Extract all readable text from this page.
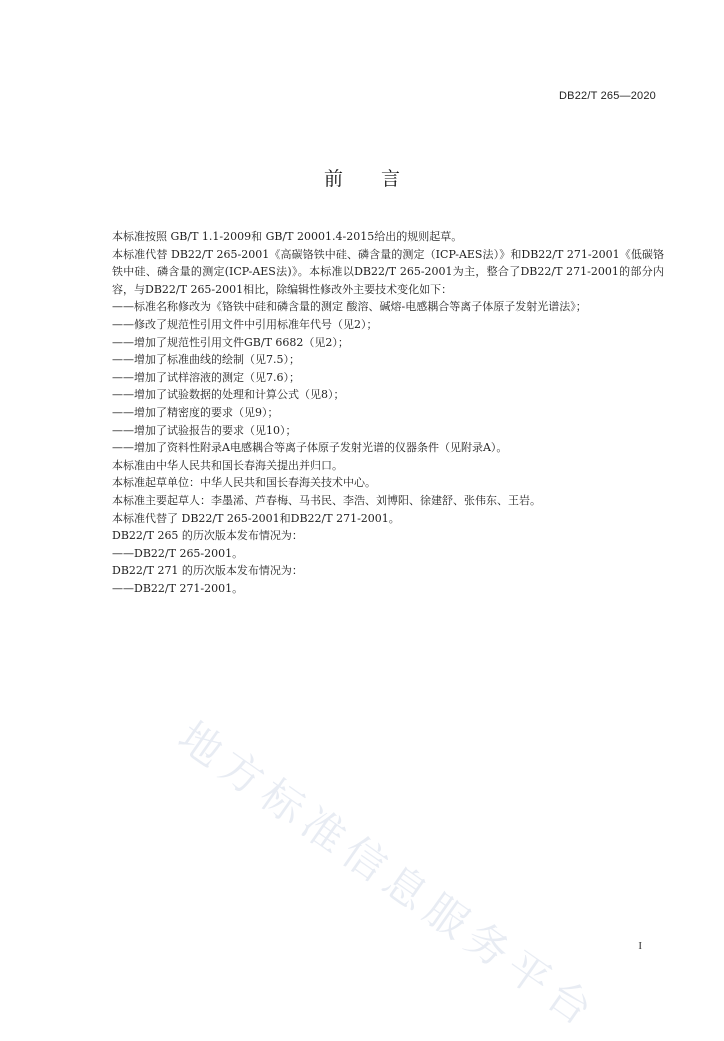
DB22/T 265—2020
前言

本标准按照 GB/T 1.1-2009和 GB/T 20001.4-2015给出的规则起草。

本标准代替 DB22/T 265-2001《高碳铬铁中硅、磷含量的测定（ICP-AES法）》和DB22/T 271-2001《低碳铬铁中硅、磷含量的测定(ICP-AES法)》。本标准以DB22/T 265-2001为主，整合了DB22/T 271-2001的部分内容，与DB22/T 265-2001相比，除编辑性修改外主要技术变化如下：

——标准名称修改为《铬铁中硅和磷含量的测定 酸溶、碱熔-电感耦合等离子体原子发射光谱法》；

——修改了规范性引用文件中引用标准年代号（见2）；

——增加了规范性引用文件GB/T 6682（见2）；

——增加了标准曲线的绘制（见7.5）；

——增加了试样溶液的测定（见7.6）；

——增加了试验数据的处理和计算公式（见8）；

——增加了精密度的要求（见9）；

——增加了试验报告的要求（见10）；

——增加了资料性附录A电感耦合等离子体原子发射光谱的仪器条件（见附录A）。

本标准由中华人民共和国长春海关提出并归口。

本标准起草单位：中华人民共和国长春海关技术中心。

本标准主要起草人：李墨浠、芦春梅、马书民、李浩、刘博阳、徐建舒、张伟东、王岩。

本标准代替了 DB22/T 265-2001和DB22/T 271-2001。

DB22/T 265 的历次版本发布情况为：

——DB22/T 265-2001。

DB22/T 271 的历次版本发布情况为：

——DB22/T 271-2001。

地方标准信息服务平台	I
